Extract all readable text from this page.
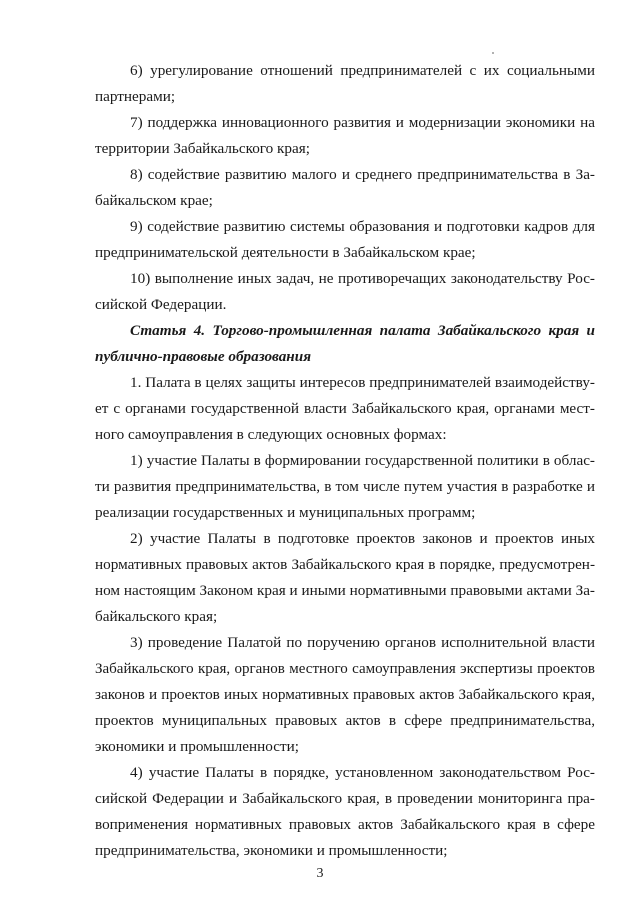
6) урегулирование отношений предпринимателей с их социальными
партнерами;
7) поддержка инновационного развития и модернизации экономики на
территории Забайкальского края;
8) содействие развитию малого и среднего предпринимательства в За-
байкальском крае;
9) содействие развитию системы образования и подготовки кадров для
предпринимательской деятельности в Забайкальском крае;
10) выполнение иных задач, не противоречащих законодательству Рос-
сийской Федерации.
Статья 4. Торгово-промышленная палата Забайкальского края и
публично-правовые образования
1. Палата в целях защиты интересов предпринимателей взаимодейству-
ет с органами государственной власти Забайкальского края, органами мест-
ного самоуправления в следующих основных формах:
1) участие Палаты в формировании государственной политики в облас-
ти развития предпринимательства, в том числе путем участия в разработке и
реализации государственных и муниципальных программ;
2) участие Палаты в подготовке проектов законов и проектов иных
нормативных правовых актов Забайкальского края в порядке, предусмотрен-
ном настоящим Законом края и иными нормативными правовыми актами За-
байкальского края;
3) проведение Палатой по поручению органов исполнительной власти
Забайкальского края, органов местного самоуправления экспертизы проектов
законов и проектов иных нормативных правовых актов Забайкальского края,
проектов муниципальных правовых актов в сфере предпринимательства,
экономики и промышленности;
4) участие Палаты в порядке, установленном законодательством Рос-
сийской Федерации и Забайкальского края, в проведении мониторинга пра-
воприменения нормативных правовых актов Забайкальского края в сфере
предпринимательства, экономики и промышленности;
3
